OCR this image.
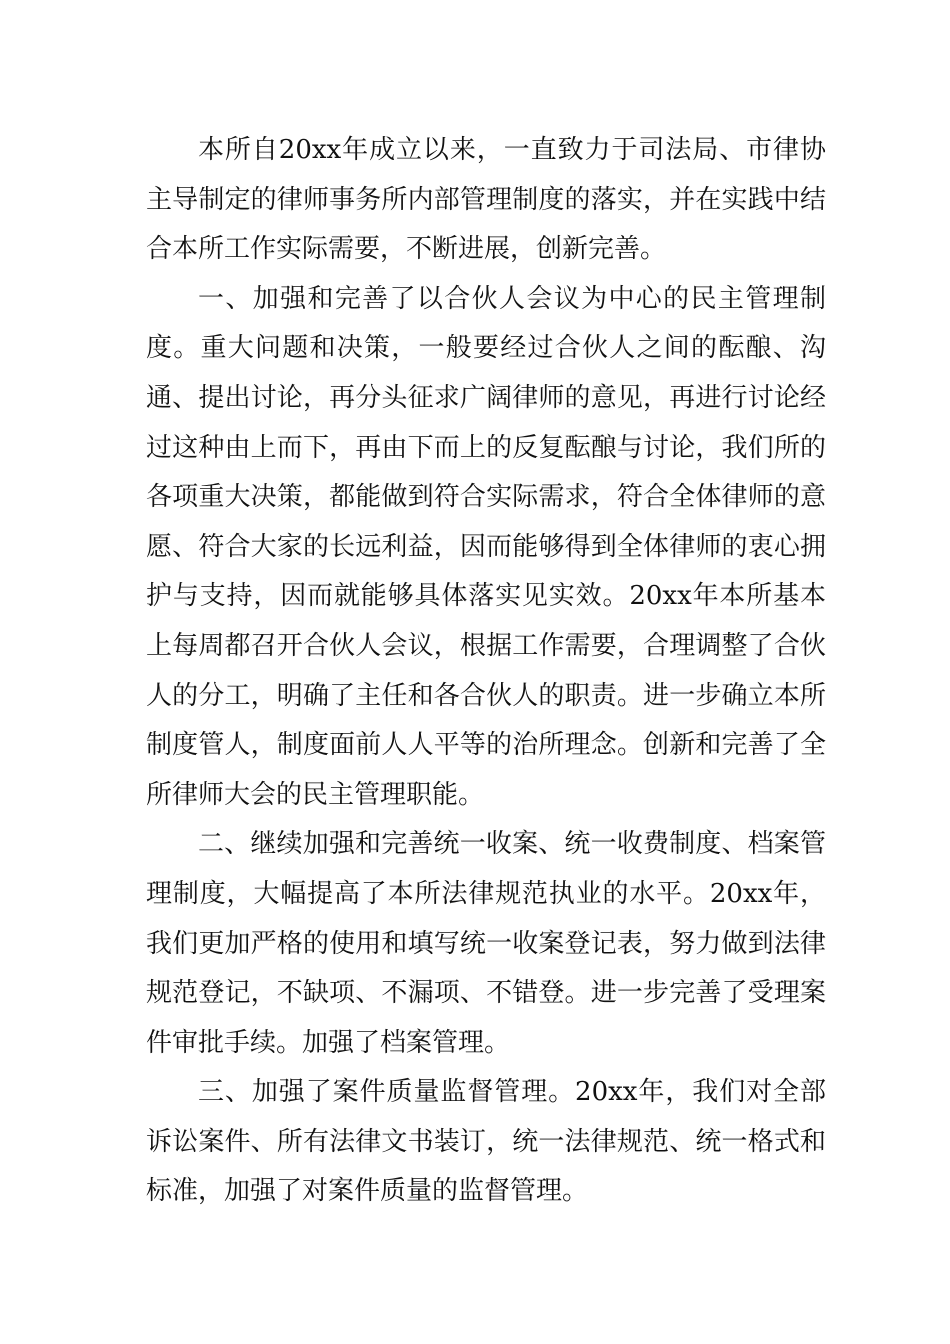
本所自20xx年成立以来，一直致力于司法局、市律协主导制定的律师事务所内部管理制度的落实，并在实践中结合本所工作实际需要，不断进展，创新完善。

一、加强和完善了以合伙人会议为中心的民主管理制度。重大问题和决策，一般要经过合伙人之间的酝酿、沟通、提出讨论，再分头征求广阔律师的意见，再进行讨论经过这种由上而下，再由下而上的反复酝酿与讨论，我们所的各项重大决策，都能做到符合实际需求，符合全体律师的意愿、符合大家的长远利益，因而能够得到全体律师的衷心拥护与支持，因而就能够具体落实见实效。20xx年本所基本上每周都召开合伙人会议，根据工作需要，合理调整了合伙人的分工，明确了主任和各合伙人的职责。进一步确立本所制度管人，制度面前人人平等的治所理念。创新和完善了全所律师大会的民主管理职能。

二、继续加强和完善统一收案、统一收费制度、档案管理制度，大幅提高了本所法律规范执业的水平。20xx年，我们更加严格的使用和填写统一收案登记表，努力做到法律规范登记，不缺项、不漏项、不错登。进一步完善了受理案件审批手续。加强了档案管理。

三、加强了案件质量监督管理。20xx年，我们对全部诉讼案件、所有法律文书装订，统一法律规范、统一格式和标准，加强了对案件质量的监督管理。
